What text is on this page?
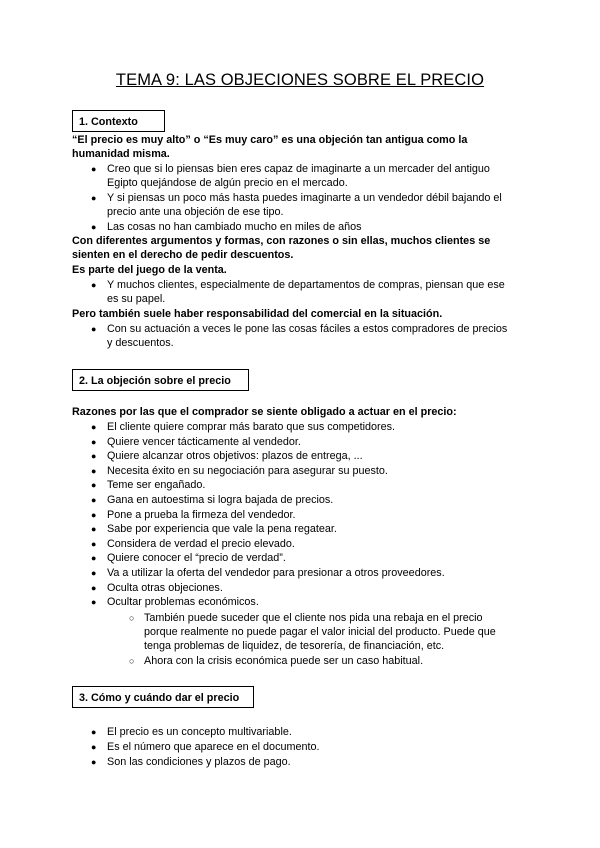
TEMA 9: LAS OBJECIONES SOBRE EL PRECIO
1. Contexto
“El precio es muy alto” o “Es muy caro” es una objeción tan antigua como la
humanidad misma.
● Creo que si lo piensas bien eres capaz de imaginarte a un mercader del antiguo
Egipto quejándose de algún precio en el mercado.
● Y si piensas un poco más hasta puedes imaginarte a un vendedor débil bajando el
precio ante una objeción de ese tipo.
● Las cosas no han cambiado mucho en miles de años
Con diferentes argumentos y formas, con razones o sin ellas, muchos clientes se
sienten en el derecho de pedir descuentos.
Es parte del juego de la venta.
● Y muchos clientes, especialmente de departamentos de compras, piensan que ese
es su papel.
Pero también suele haber responsabilidad del comercial en la situación.
● Con su actuación a veces le pone las cosas fáciles a estos compradores de precios
y descuentos.
2. La objeción sobre el precio
Razones por las que el comprador se siente obligado a actuar en el precio:
● El cliente quiere comprar más barato que sus competidores.
● Quiere vencer tácticamente al vendedor.
● Quiere alcanzar otros objetivos: plazos de entrega, ...
● Necesita éxito en su negociación para asegurar su puesto.
● Teme ser engañado.
● Gana en autoestima si logra bajada de precios.
● Pone a prueba la firmeza del vendedor.
● Sabe por experiencia que vale la pena regatear.
● Considera de verdad el precio elevado.
● Quiere conocer el “precio de verdad”.
● Va a utilizar la oferta del vendedor para presionar a otros proveedores.
● Oculta otras objeciones.
● Ocultar problemas económicos.
○ También puede suceder que el cliente nos pida una rebaja en el precio
porque realmente no puede pagar el valor inicial del producto. Puede que
tenga problemas de liquidez, de tesorería, de financiación, etc.
○ Ahora con la crisis económica puede ser un caso habitual.
3. Cómo y cuándo dar el precio
● El precio es un concepto multivariable.
● Es el número que aparece en el documento.
● Son las condiciones y plazos de pago.
